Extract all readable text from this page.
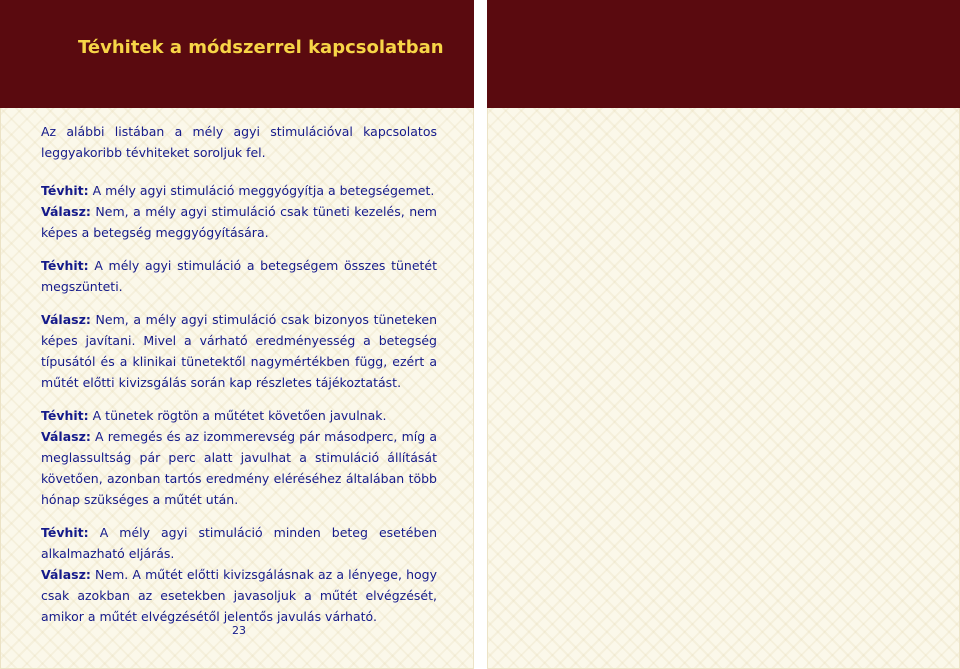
Tévhitek a módszerrel kapcsolatban

Az alábbi listában a mély agyi stimulációval kapcsolatos leggyakoribb tévhiteket soroljuk fel.

Tévhit: A mély agyi stimuláció meggyógyítja a betegségemet.

Válasz: Nem, a mély agyi stimuláció csak tüneti kezelés, nem képes a betegség meggyógyítására.

Tévhit: A mély agyi stimuláció a betegségem összes tünetét megszünteti.

Válasz: Nem, a mély agyi stimuláció csak bizonyos tüneteken képes javítani. Mivel a várható eredményesség a betegség típusától és a klinikai tünetektől nagymértékben függ, ezért a műtét előtti kivizsgálás során kap részletes tájékoztatást.

Tévhit: A tünetek rögtön a műtétet követően javulnak.

Válasz: A remegés és az izommerevség pár másodperc, míg a meglassultság pár perc alatt javulhat a stimuláció állítását követően, azonban tartós eredmény eléréséhez általában több hónap szükséges a műtét után.

Tévhit: A mély agyi stimuláció minden beteg esetében alkalmazható eljárás.

Válasz: Nem. A műtét előtti kivizsgálásnak az a lényege, hogy csak azokban az esetekben javasoljuk a műtét elvégzését, amikor a műtét elvégzésétől jelentős javulás várható.

23
